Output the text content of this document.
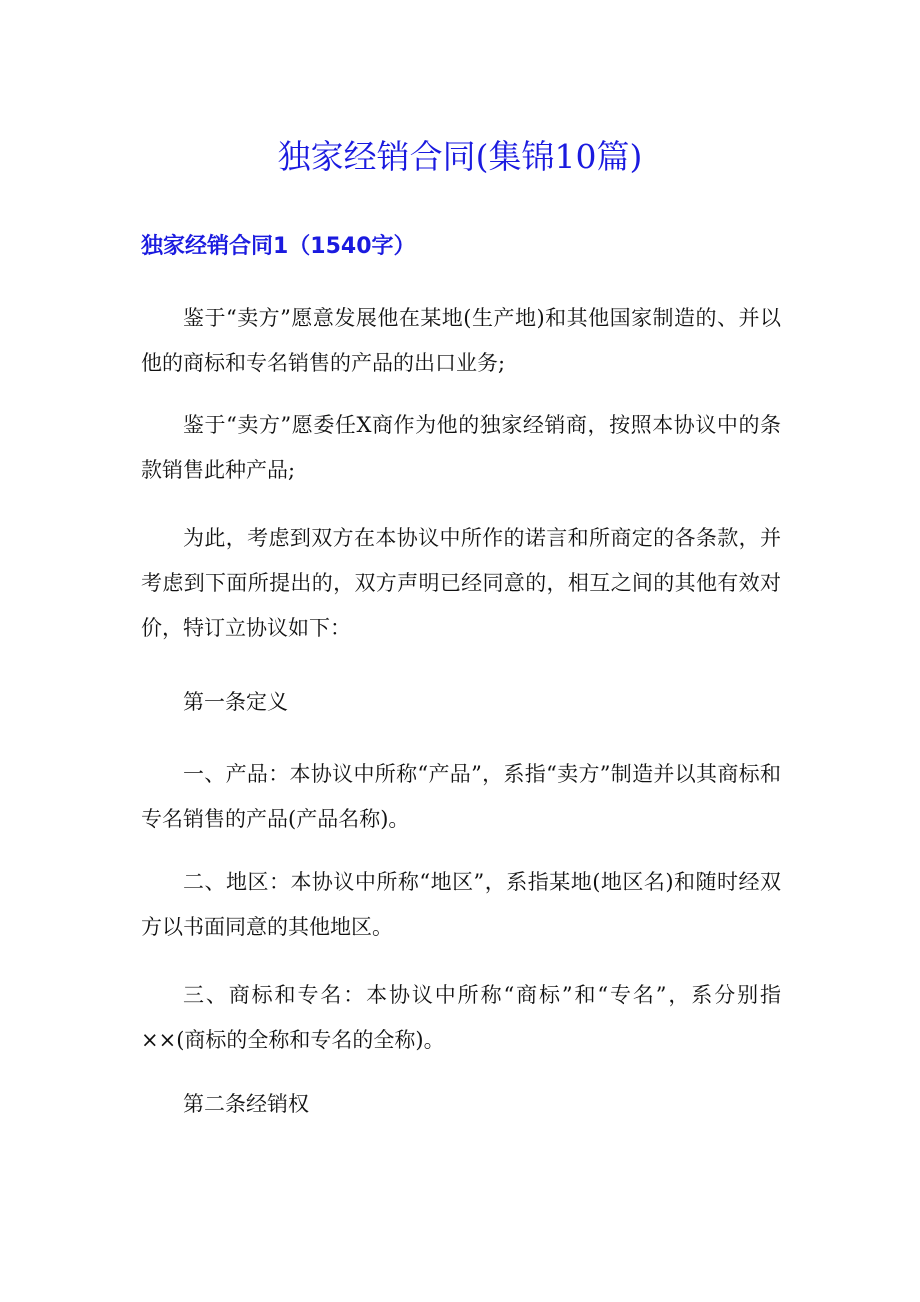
独家经销合同(集锦10篇)
独家经销合同1（1540字）

鉴于“卖方”愿意发展他在某地(生产地)和其他国家制造的、并以他的商标和专名销售的产品的出口业务;

鉴于“卖方”愿委任X商作为他的独家经销商，按照本协议中的条款销售此种产品;

为此，考虑到双方在本协议中所作的诺言和所商定的各条款，并考虑到下面所提出的，双方声明已经同意的，相互之间的其他有效对价，特订立协议如下：

第一条定义

一、产品：本协议中所称“产品”，系指“卖方”制造并以其商标和专名销售的产品(产品名称)。

二、地区：本协议中所称“地区”，系指某地(地区名)和随时经双方以书面同意的其他地区。

三、商标和专名：本协议中所称“商标”和“专名”，系分别指××(商标的全称和专名的全称)。

第二条经销权
